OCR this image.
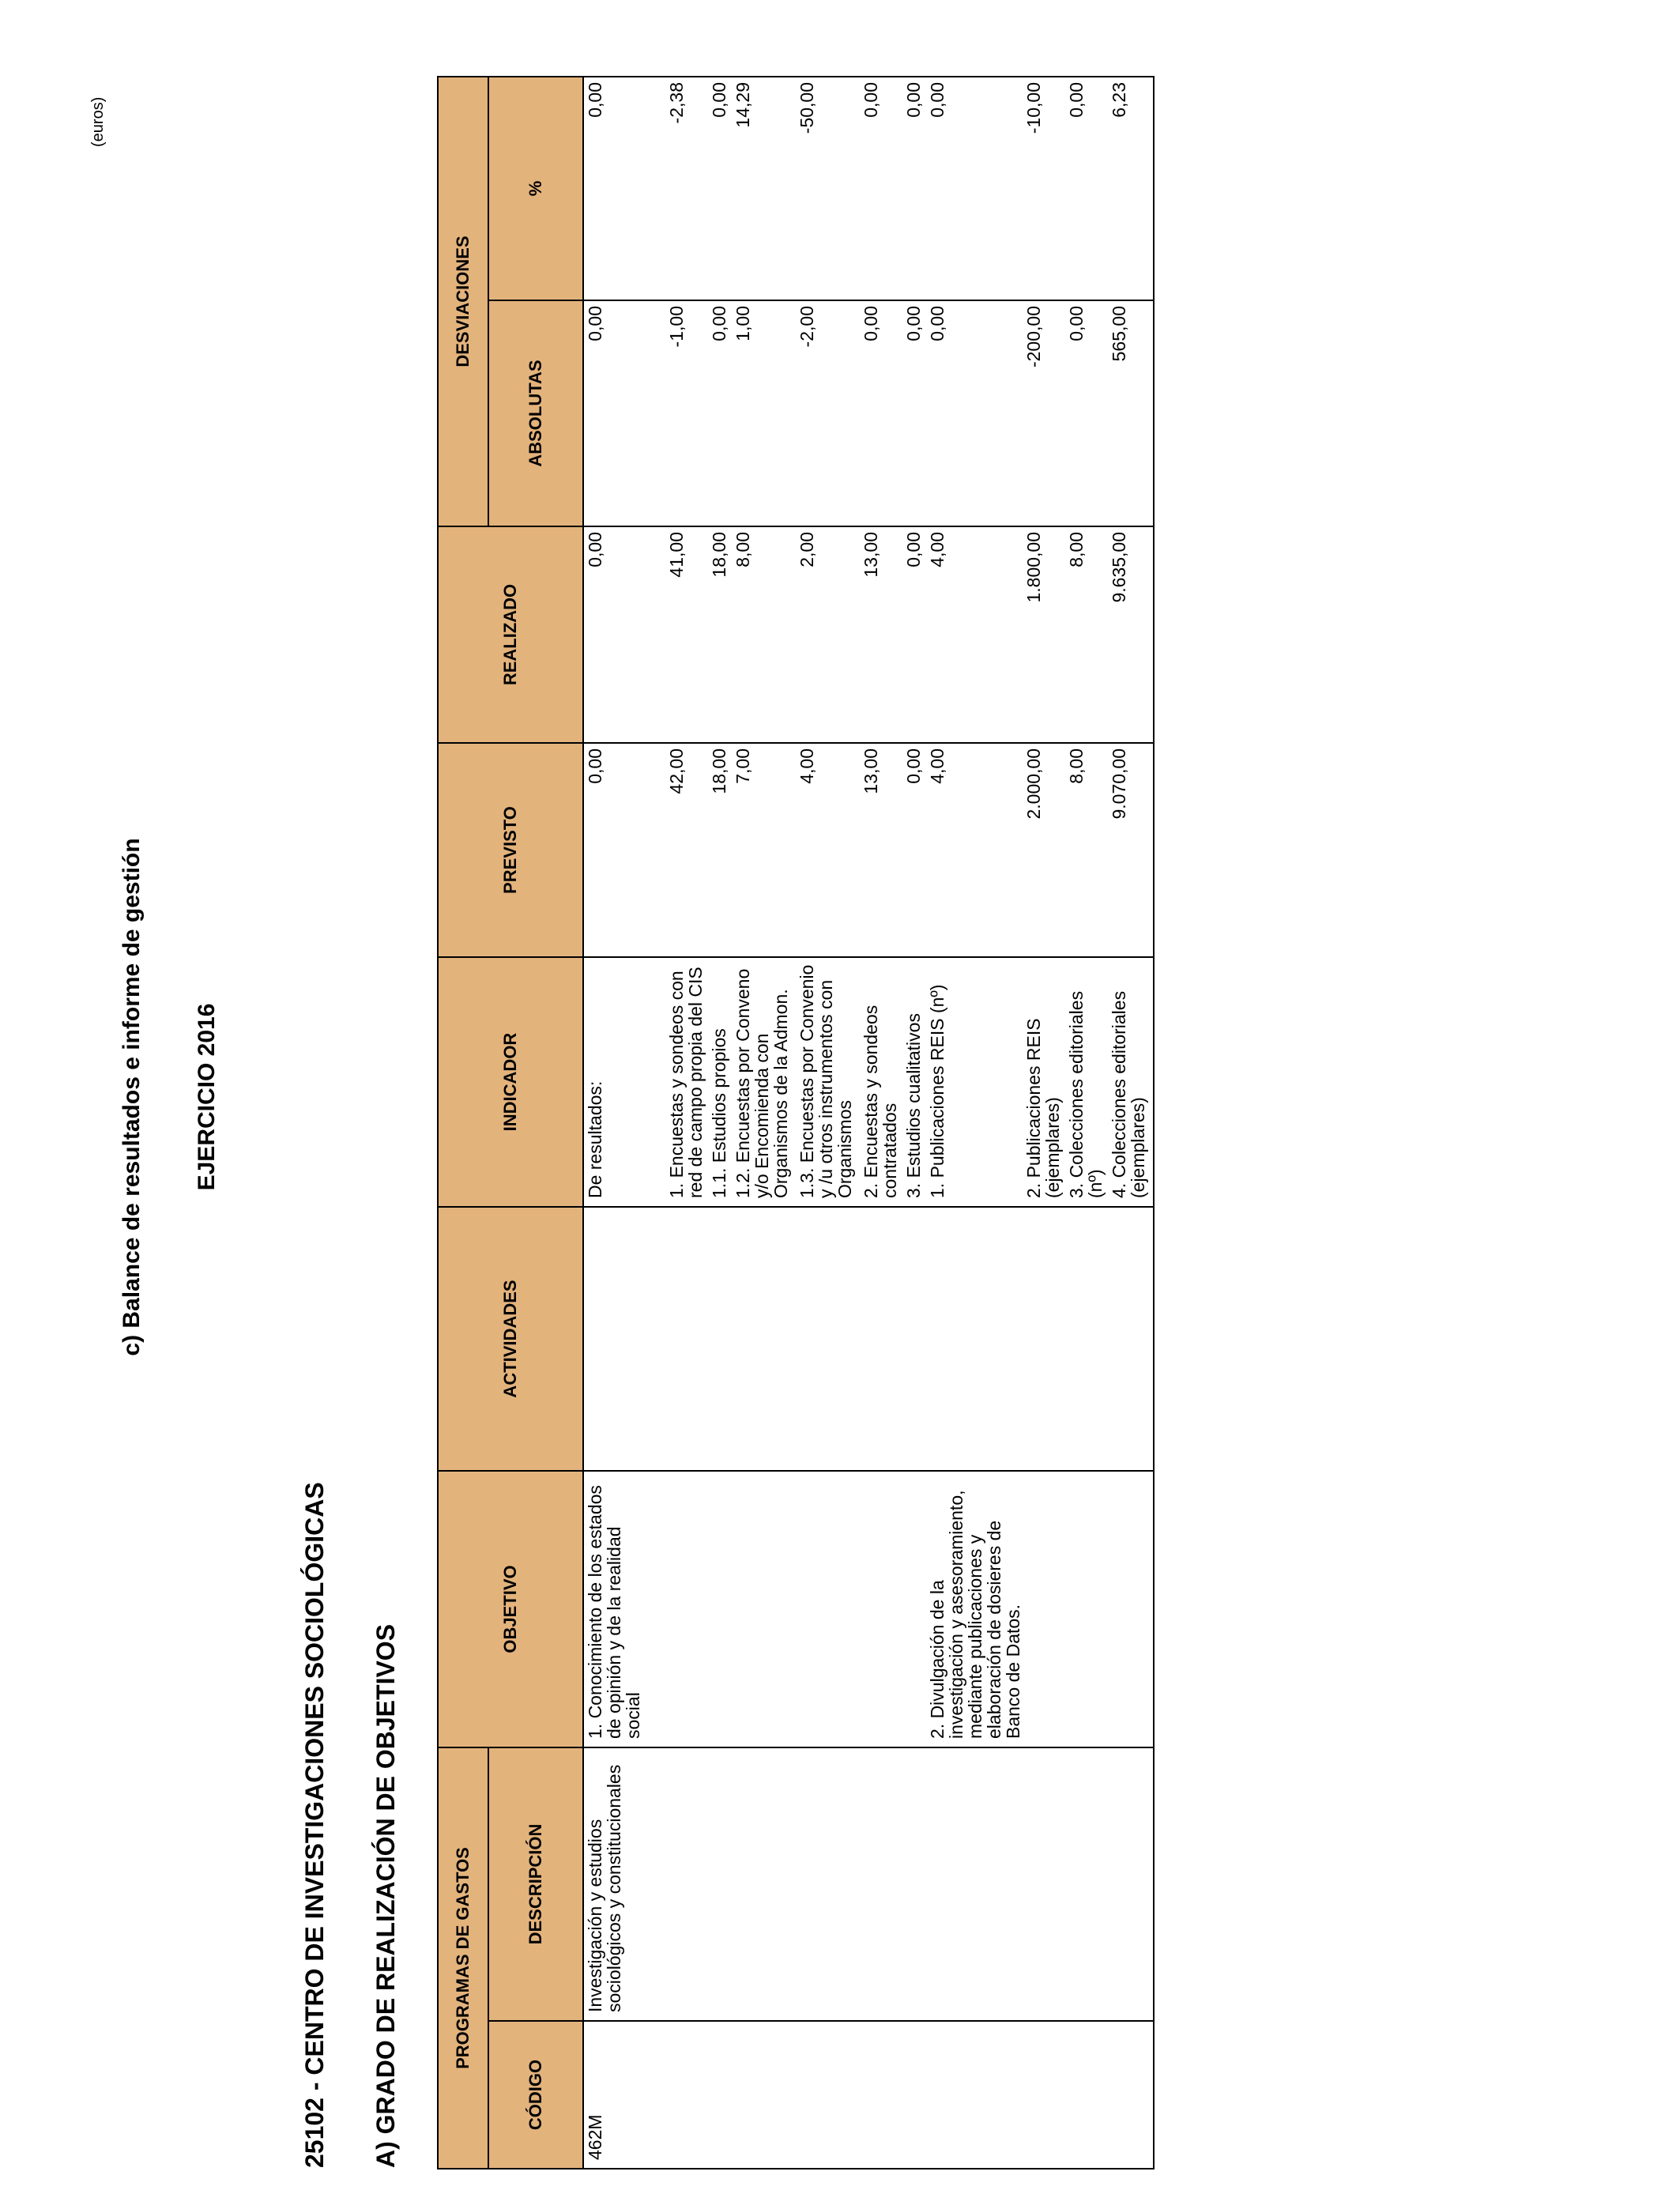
c) Balance de resultados e informe de gestión EJERCICIO 2016
25102 - CENTRO DE INVESTIGACIONES SOCIOLÓGICAS A) GRADO DE REALIZACIÓN DE OBJETIVOS
(euros)
PROGRAMAS DE GASTOS		OBJETIVO	ACTIVIDADES	INDICADOR	PREVISTO	REALIZADO	DESVIACIONES	
CÓDIGO	DESCRIPCIÓN						ABSOLUTAS	%
462M	Investigación y estudios sociológicos y constitucionales	1. Conocimiento de los estados de opinión y de la realidad social		De resultados:	0,00	0,00	0,00	0,00
				1. Encuestas y sondeos con red de campo propia del CIS	42,00	41,00	-1,00	-2,38
				1.1. Estudios propios	18,00	18,00	0,00	0,00
				1.2. Encuestas por Conveno y/o Encomienda con Organismos de la Admon.	7,00	8,00	1,00	14,29
				1.3. Encuestas por Convenio y /u otros instrumentos con Organismos	4,00	2,00	-2,00	-50,00
				2. Encuestas y sondeos contratados	13,00	13,00	0,00	0,00
				3. Estudios cualitativos	0,00	0,00	0,00	0,00
		2. Divulgación de la investigación y asesoramiento, mediante publicaciones y elaboración de dosieres de Banco de Datos.		1. Publicaciones REIS (nº)	4,00	4,00	0,00	0,00
				2. Publicaciones REIS (ejemplares)	2.000,00	1.800,00	-200,00	-10,00
				3. Colecciones editoriales (nº)	8,00	8,00	0,00	0,00
				4. Colecciones editoriales (ejemplares)	9.070,00	9.635,00	565,00	6,23
